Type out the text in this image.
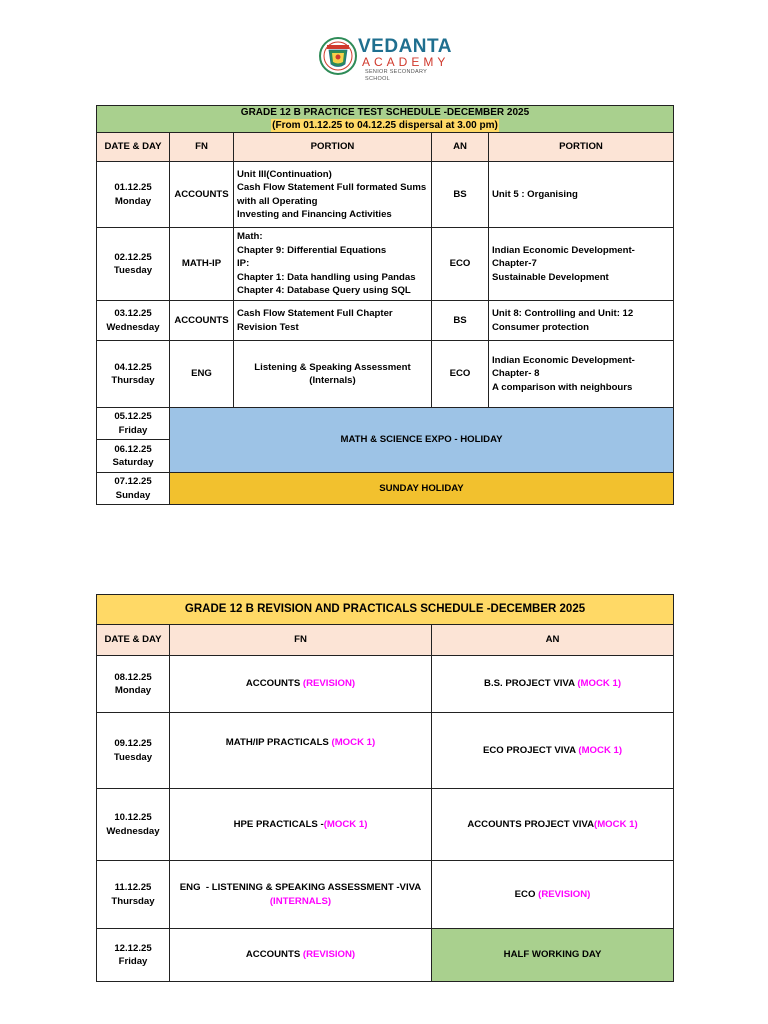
VEDANTA
ACADEMY
SENIOR SECONDARY SCHOOL
GRADE 12 B PRACTICE TEST SCHEDULE -DECEMBER 2025
(From 01.12.25 to 04.12.25 dispersal at 3.00 pm)				
DATE & DAY	FN	PORTION	AN	PORTION

01.12.25
Monday	ACCOUNTS	Unit III(Continuation)
Cash Flow Statement Full formated Sums with all Operating
Investing and Financing Activities	BS	Unit 5 : Organising

02.12.25
Tuesday	MATH-IP	Math:
Chapter 9: Differential Equations
IP:
Chapter 1: Data handling using Pandas
Chapter 4: Database Query using SQL	ECO	Indian Economic Development-Chapter-7
Sustainable Development

03.12.25
Wednesday	ACCOUNTS	Cash Flow Statement Full Chapter Revision Test	BS	Unit 8: Controlling and Unit: 12 Consumer protection

04.12.25
Thursday	ENG	Listening & Speaking Assessment (Internals)	ECO	Indian Economic Development-Chapter- 8
A comparison with neighbours

05.12.25
Friday	MATH & SCIENCE EXPO - HOLIDAY			

06.12.25
Saturday				

07.12.25
Sunday	SUNDAY HOLIDAY			
GRADE 12 B REVISION AND PRACTICALS SCHEDULE -DECEMBER 2025		
DATE & DAY	FN	AN

08.12.25
Monday	ACCOUNTS (REVISION)	B.S. PROJECT VIVA (MOCK 1)

09.12.25
Tuesday	MATH/IP PRACTICALS (MOCK 1)	ECO PROJECT VIVA (MOCK 1)

10.12.25
Wednesday	HPE PRACTICALS -(MOCK 1)	ACCOUNTS PROJECT VIVA(MOCK 1)

11.12.25
Thursday	ENG  - LISTENING & SPEAKING ASSESSMENT -VIVA
(INTERNALS)	ECO (REVISION)

12.12.25
Friday	ACCOUNTS (REVISION)	HALF WORKING DAY
